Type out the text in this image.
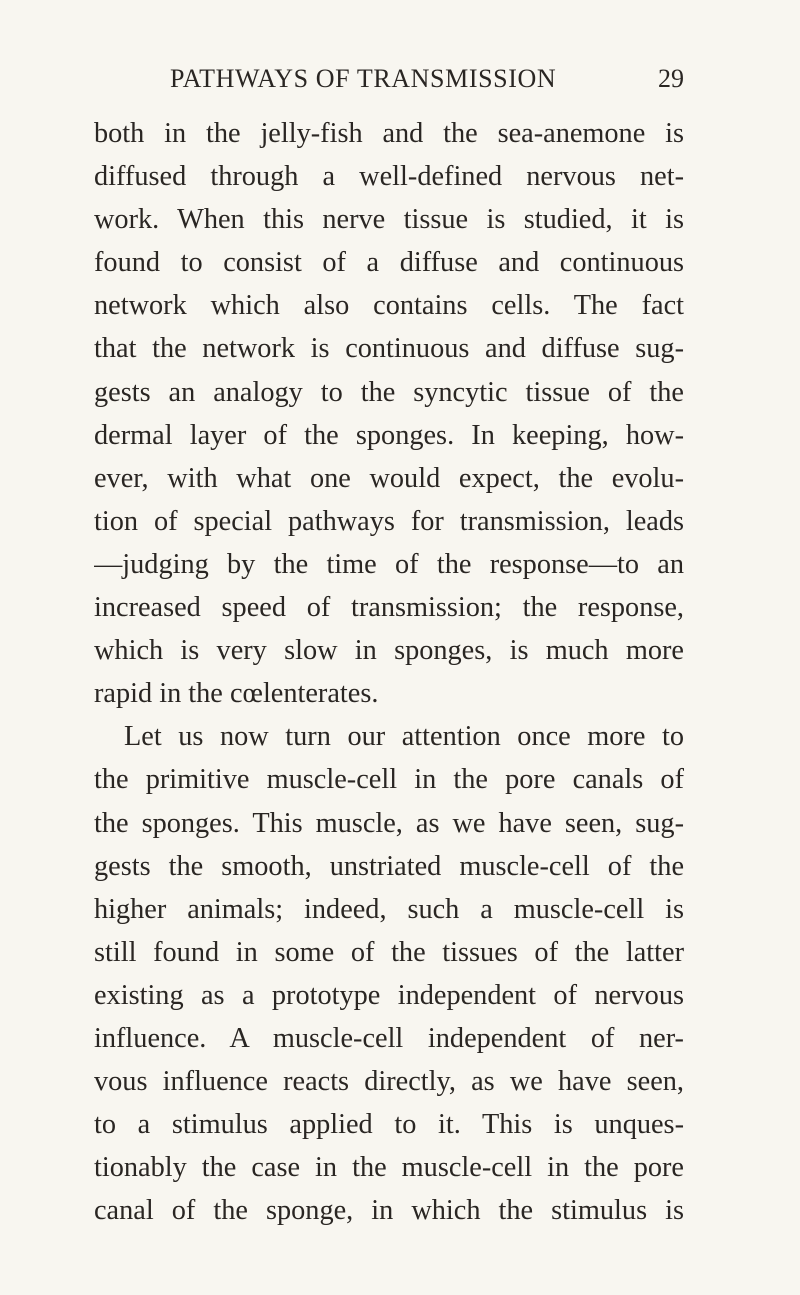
PATHWAYS OF TRANSMISSION	29
both in the jelly-fish and the sea-anemone is
diffused through a well-defined nervous net-
work. When this nerve tissue is studied, it is
found to consist of a diffuse and continuous
network which also contains cells. The fact
that the network is continuous and diffuse sug-
gests an analogy to the syncytic tissue of the
dermal layer of the sponges. In keeping, how-
ever, with what one would expect, the evolu-
tion of special pathways for transmission, leads
—judging by the time of the response—to an
increased speed of transmission; the response,
which is very slow in sponges, is much more
rapid in the cœlenterates.
Let us now turn our attention once more to
the primitive muscle-cell in the pore canals of
the sponges. This muscle, as we have seen, sug-
gests the smooth, unstriated muscle-cell of the
higher animals; indeed, such a muscle-cell is
still found in some of the tissues of the latter
existing as a prototype independent of nervous
influence. A muscle-cell independent of ner-
vous influence reacts directly, as we have seen,
to a stimulus applied to it. This is unques-
tionably the case in the muscle-cell in the pore
canal of the sponge, in which the stimulus is
